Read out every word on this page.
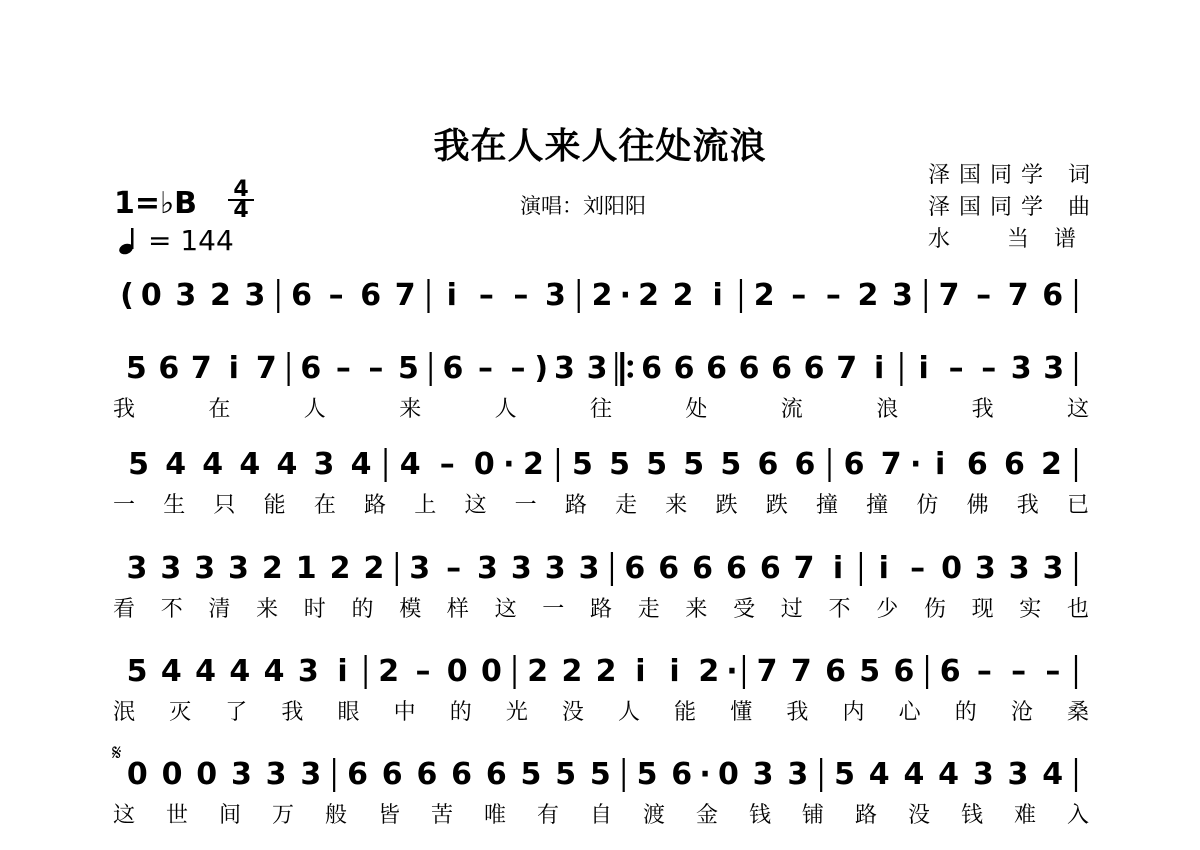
我在人来人往处流浪
泽国同学 词
泽国同学 曲
水   当 谱
演唱：刘阳阳
1=♭B $\frac{4}{4}$
= 144
( 0 3 2 3 6 – 6 7 i – – 3 2 · 2 2 i 2 – – 2 3 7 – 7 6
5 6 7 i 7 6 – – 5 6 – – ) 3 3 6 6 6 6 6 6 7 i i – – 3 3
我	在	人	来	人	往	处	流	浪	我	这
5 4 4 4 4 3 4 4 – 0 · 2 5 5 5 5 5 6 6 6 7 · i 6 6 2
一 生 只 能 在 路 上 这 一 路 走 来 跌 跌 撞 撞 仿 佛 我 已
3 3 3 3 2 1 2 2 3 – 3 3 3 3 6 6 6 6 6 7 i i – 0 3 3 3
看 不 清 来 时 的 模 样 这 一 路 走 来 受 过 不 少 伤 现 实 也
5 4 4 4 4 3 i 2 – 0 0 2 2 2 i i 2 · 7 7 6 5 6 6 – – –
泯 灭 了 我 眼 中 的 光 没 人 能 懂 我 内 心 的 沧 桑
0 0 0 3 3 3 6 6 6 6 6 5 5 5 5 6 · 0 3 3 5 4 4 4 3 3 4
这 世 间 万 般 皆 苦 唯 有 自 渡 金 钱 铺 路 没 钱 难 入
𝄋
